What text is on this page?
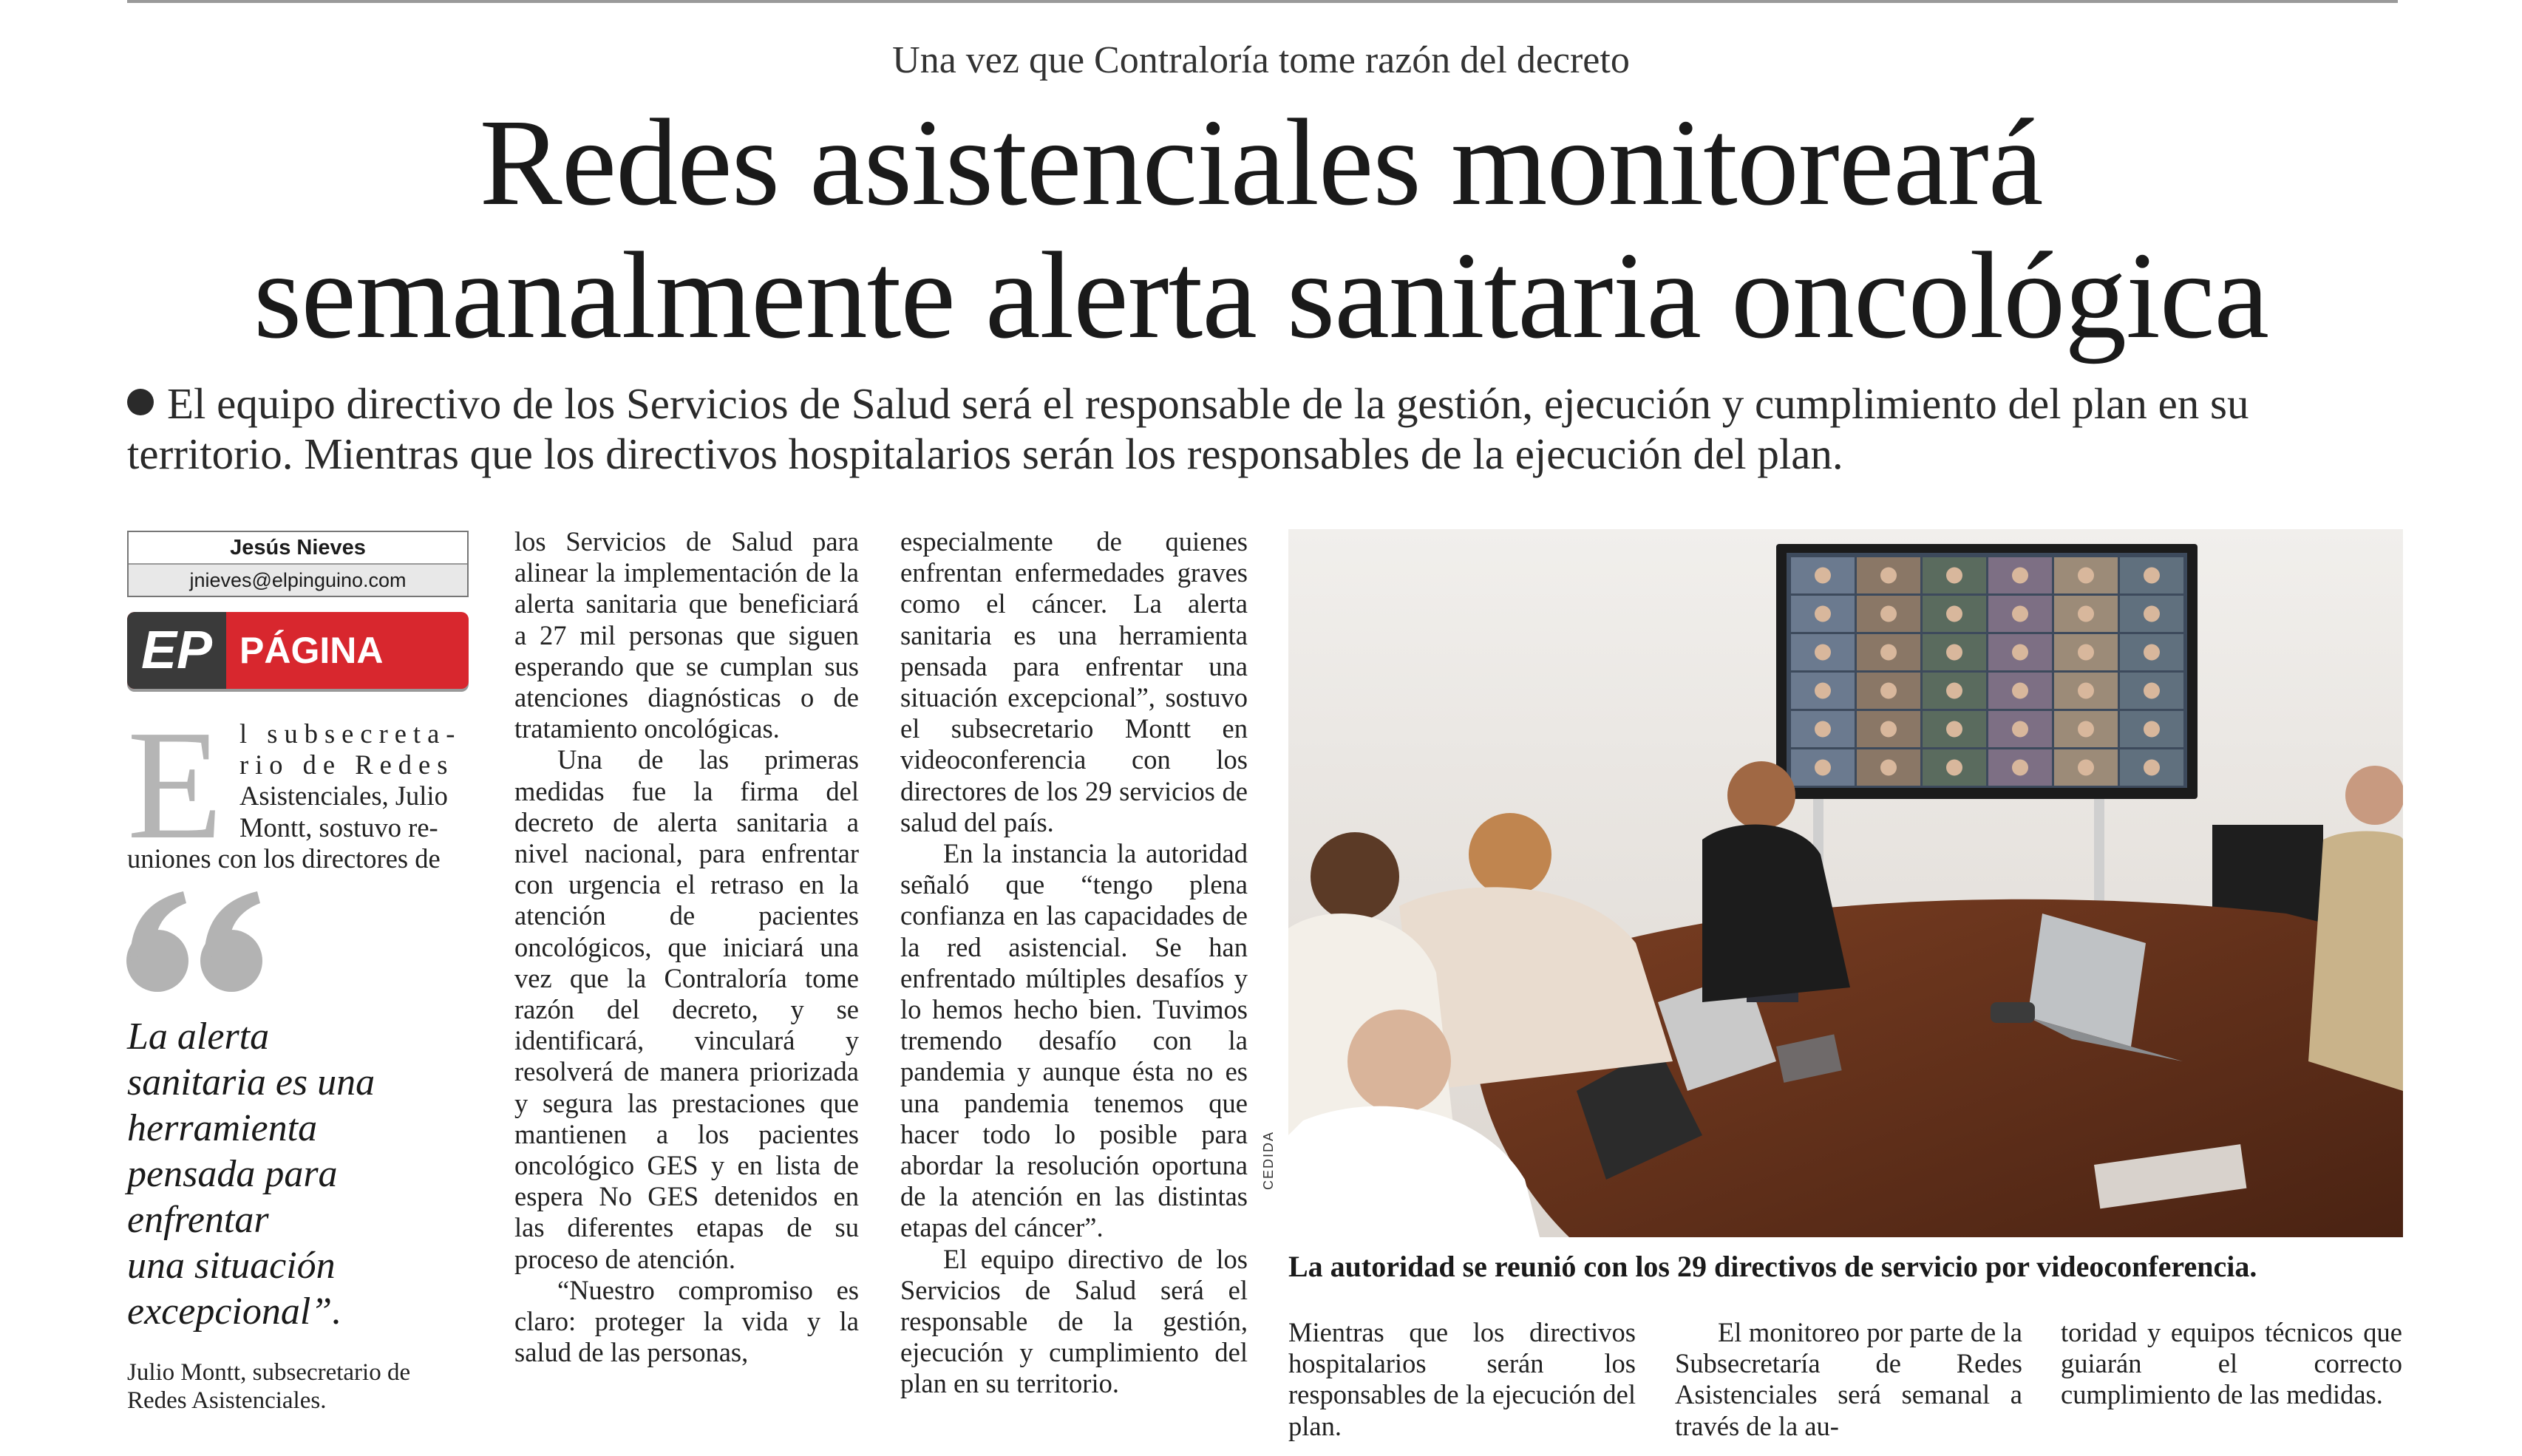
Una vez que Contraloría tome razón del decreto
Redes asistenciales monitoreará
semanalmente alerta sanitaria oncológica
El equipo directivo de los Servicios de Salud será el responsable de la gestión, ejecución y cumplimiento del plan en su territorio. Mientras que los directivos hospitalarios serán los responsables de la ejecución del plan.
Jesús Nieves
jnieves@elpinguino.com
EP PÁGINA
E l subsecreta-
rio de Redes
Asistenciales, Julio
Montt, sostuvo re-
uniones con los directores de
La alerta
sanitaria es una
herramienta
pensada para
enfrentar
una situación
excepcional”.
Julio Montt, subsecretario de Redes Asistenciales.

los Servicios de Salud para alinear la implementación de la alerta sanitaria que beneficiará a 27 mil personas que siguen esperando que se cumplan sus atenciones diagnósticas o de tratamiento oncológicas.

Una de las primeras medidas fue la firma del decreto de alerta sanitaria a nivel nacional, para enfrentar con urgencia el retraso en la atención de pacientes oncológicos, que iniciará una vez que la Contraloría tome razón del decreto, y se identificará, vinculará y resolverá de manera priorizada y segura las prestaciones que mantienen a los pacientes oncológico GES y en lista de espera No GES detenidos en las diferentes etapas de su proceso de atención.

“Nuestro compromiso es claro: proteger la vida y la salud de las personas,

especialmente de quienes enfrentan enfermedades graves como el cáncer. La alerta sanitaria es una herramienta pensada para enfrentar una situación excepcional”, sostuvo el subsecretario Montt en videoconferencia con los directores de los 29 servicios de salud del país.

En la instancia la autoridad señaló que “tengo plena confianza en las capacidades de la red asistencial. Se han enfrentado múltiples desafíos y lo hemos hecho bien. Tuvimos tremendo desafío con la pandemia y aunque ésta no es una pandemia tenemos que hacer todo lo posible para abordar la resolución oportuna de la atención en las distintas etapas del cáncer”.

El equipo directivo de los Servicios de Salud será el responsable de la gestión, ejecución y cumplimiento del plan en su territorio.

CEDIDA
La autoridad se reunió con los 29 directivos de servicio por videoconferencia.

Mientras que los directivos hospitalarios serán los responsables de la ejecución del plan.

El monitoreo por parte de la Subsecretaría de Redes Asistenciales será semanal a través de la au-

toridad y equipos técnicos que guiarán el correcto cumplimiento de las medidas.
